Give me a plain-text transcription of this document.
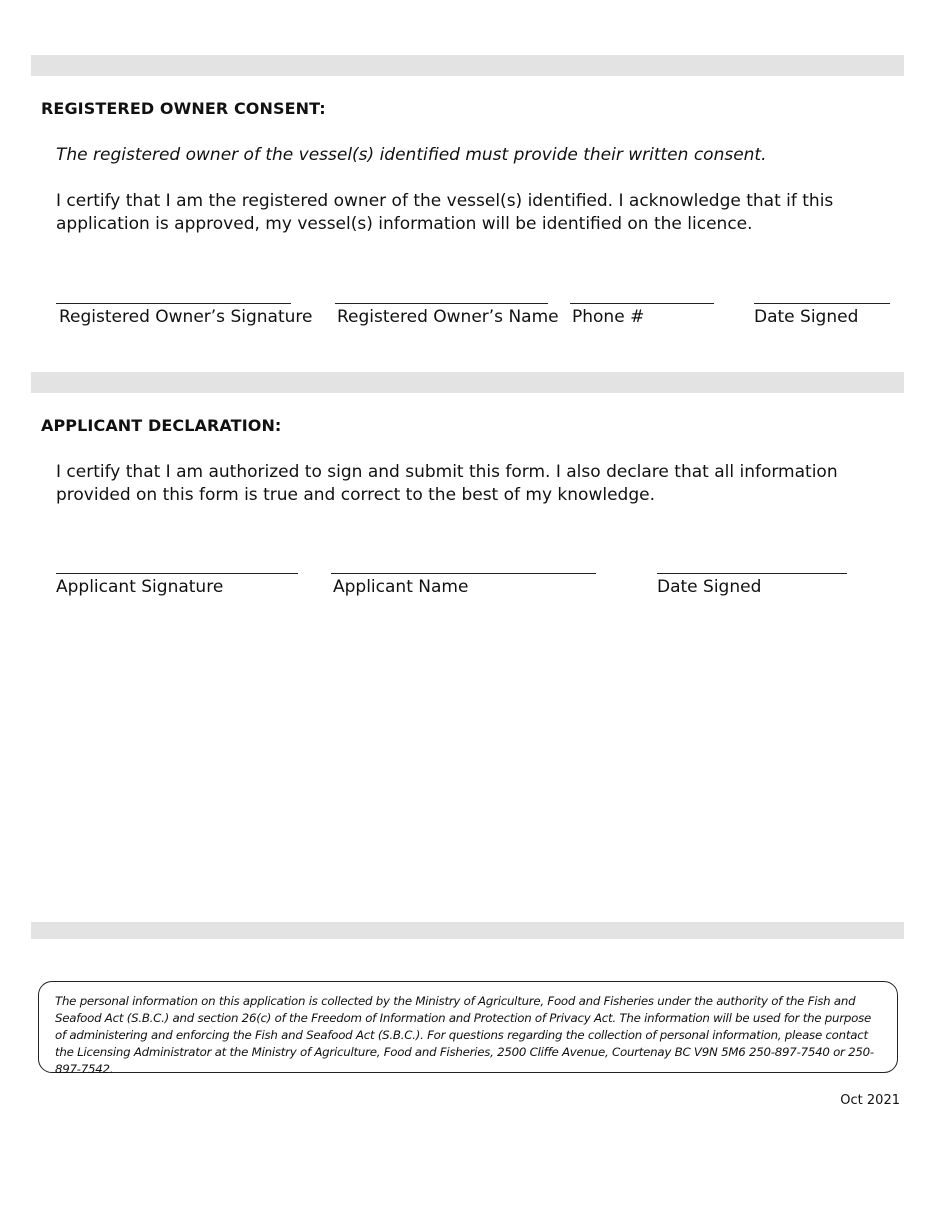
REGISTERED OWNER CONSENT:
The registered owner of the vessel(s) identified must provide their written consent.
I certify that I am the registered owner of the vessel(s) identified. I acknowledge that if this application is approved, my vessel(s) information will be identified on the licence.
Registered Owner’s Signature Registered Owner’s Name Phone #	Date Signed
APPLICANT DECLARATION:
I certify that I am authorized to sign and submit this form. I also declare that all information provided on this form is true and correct to the best of my knowledge.
Applicant Signature	Applicant Name	Date Signed
The personal information on this application is collected by the Ministry of Agriculture, Food and Fisheries under the authority of the Fish and Seafood Act (S.B.C.) and section 26(c) of the Freedom of Information and Protection of Privacy Act. The information will be used for the purpose of administering and enforcing the Fish and Seafood Act (S.B.C.). For questions regarding the collection of personal information, please contact the Licensing Administrator at the Ministry of Agriculture, Food and Fisheries, 2500 Cliffe Avenue, Courtenay BC V9N 5M6 250-897-7540 or 250-897-7542.
Oct 2021
